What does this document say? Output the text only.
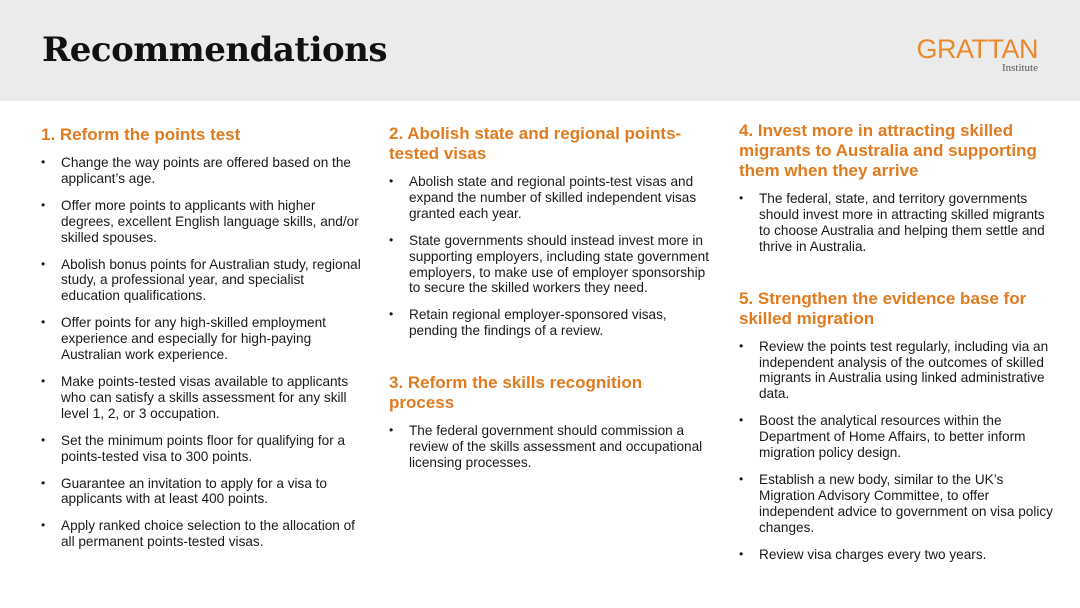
Recommendations	GRATTAN
Institute
1. Reform the points test
• Change the way points are offered based on the applicant’s age.
• Offer more points to applicants with higher degrees, excellent English language skills, and/or skilled spouses.
• Abolish bonus points for Australian study, regional study, a professional year, and specialist education qualifications.
• Offer points for any high-skilled employment experience and especially for high-paying Australian work experience.
• Make points-tested visas available to applicants who can satisfy a skills assessment for any skill level 1, 2, or 3 occupation.
• Set the minimum points floor for qualifying for a points-tested visa to 300 points.
• Guarantee an invitation to apply for a visa to applicants with at least 400 points.
• Apply ranked choice selection to the allocation of all permanent points-tested visas.
2. Abolish state and regional points-tested visas
• Abolish state and regional points-test visas and expand the number of skilled independent visas granted each year.
• State governments should instead invest more in supporting employers, including state government employers, to make use of employer sponsorship to secure the skilled workers they need.
• Retain regional employer-sponsored visas, pending the findings of a review.
3. Reform the skills recognition process
• The federal government should commission a review of the skills assessment and occupational licensing processes.
4. Invest more in attracting skilled migrants to Australia and supporting them when they arrive
• The federal, state, and territory governments should invest more in attracting skilled migrants to choose Australia and helping them settle and thrive in Australia.
5. Strengthen the evidence base for skilled migration
• Review the points test regularly, including via an independent analysis of the outcomes of skilled migrants in Australia using linked administrative data.
• Boost the analytical resources within the Department of Home Affairs, to better inform migration policy design.
• Establish a new body, similar to the UK’s Migration Advisory Committee, to offer independent advice to government on visa policy changes.
• Review visa charges every two years.
